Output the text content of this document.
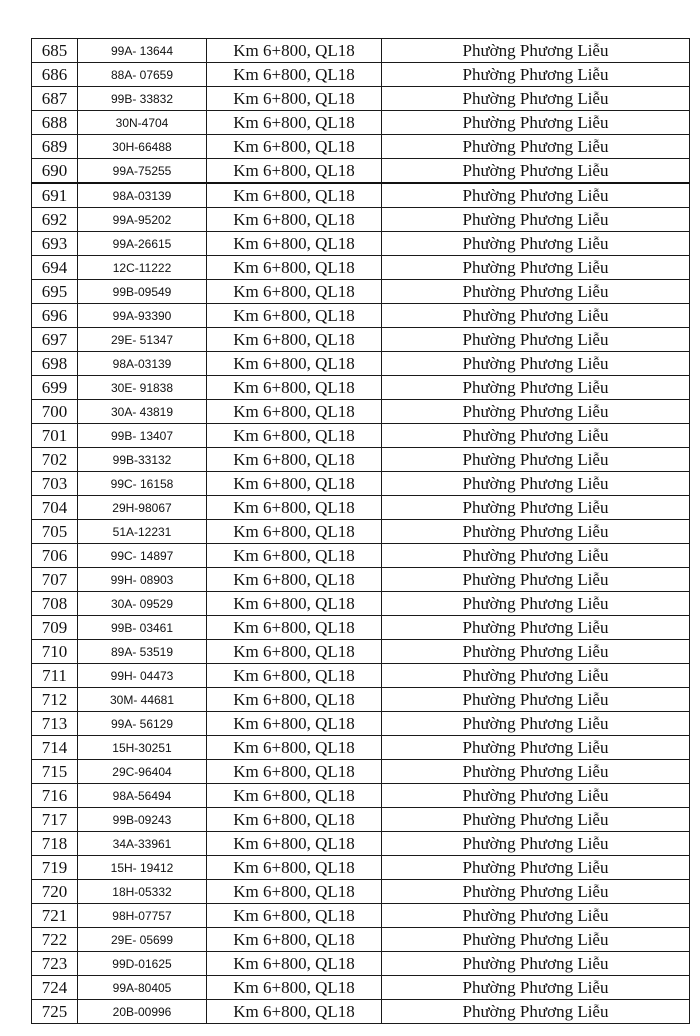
685	99A- 13644	Km 6+800, QL18	Phường Phương Liễu
686	88A- 07659	Km 6+800, QL18	Phường Phương Liễu
687	99B- 33832	Km 6+800, QL18	Phường Phương Liễu
688	30N-4704	Km 6+800, QL18	Phường Phương Liễu
689	30H-66488	Km 6+800, QL18	Phường Phương Liễu
690	99A-75255	Km 6+800, QL18	Phường Phương Liễu
691	98A-03139	Km 6+800, QL18	Phường Phương Liễu
692	99A-95202	Km 6+800, QL18	Phường Phương Liễu
693	99A-26615	Km 6+800, QL18	Phường Phương Liễu
694	12C-11222	Km 6+800, QL18	Phường Phương Liễu
695	99B-09549	Km 6+800, QL18	Phường Phương Liễu
696	99A-93390	Km 6+800, QL18	Phường Phương Liễu
697	29E- 51347	Km 6+800, QL18	Phường Phương Liễu
698	98A-03139	Km 6+800, QL18	Phường Phương Liễu
699	30E- 91838	Km 6+800, QL18	Phường Phương Liễu
700	30A- 43819	Km 6+800, QL18	Phường Phương Liễu
701	99B- 13407	Km 6+800, QL18	Phường Phương Liễu
702	99B-33132	Km 6+800, QL18	Phường Phương Liễu
703	99C- 16158	Km 6+800, QL18	Phường Phương Liễu
704	29H-98067	Km 6+800, QL18	Phường Phương Liễu
705	51A-12231	Km 6+800, QL18	Phường Phương Liễu
706	99C- 14897	Km 6+800, QL18	Phường Phương Liễu
707	99H- 08903	Km 6+800, QL18	Phường Phương Liễu
708	30A- 09529	Km 6+800, QL18	Phường Phương Liễu
709	99B- 03461	Km 6+800, QL18	Phường Phương Liễu
710	89A- 53519	Km 6+800, QL18	Phường Phương Liễu
711	99H- 04473	Km 6+800, QL18	Phường Phương Liễu
712	30M- 44681	Km 6+800, QL18	Phường Phương Liễu
713	99A- 56129	Km 6+800, QL18	Phường Phương Liễu
714	15H-30251	Km 6+800, QL18	Phường Phương Liễu
715	29C-96404	Km 6+800, QL18	Phường Phương Liễu
716	98A-56494	Km 6+800, QL18	Phường Phương Liễu
717	99B-09243	Km 6+800, QL18	Phường Phương Liễu
718	34A-33961	Km 6+800, QL18	Phường Phương Liễu
719	15H- 19412	Km 6+800, QL18	Phường Phương Liễu
720	18H-05332	Km 6+800, QL18	Phường Phương Liễu
721	98H-07757	Km 6+800, QL18	Phường Phương Liễu
722	29E- 05699	Km 6+800, QL18	Phường Phương Liễu
723	99D-01625	Km 6+800, QL18	Phường Phương Liễu
724	99A-80405	Km 6+800, QL18	Phường Phương Liễu
725	20B-00996	Km 6+800, QL18	Phường Phương Liễu
